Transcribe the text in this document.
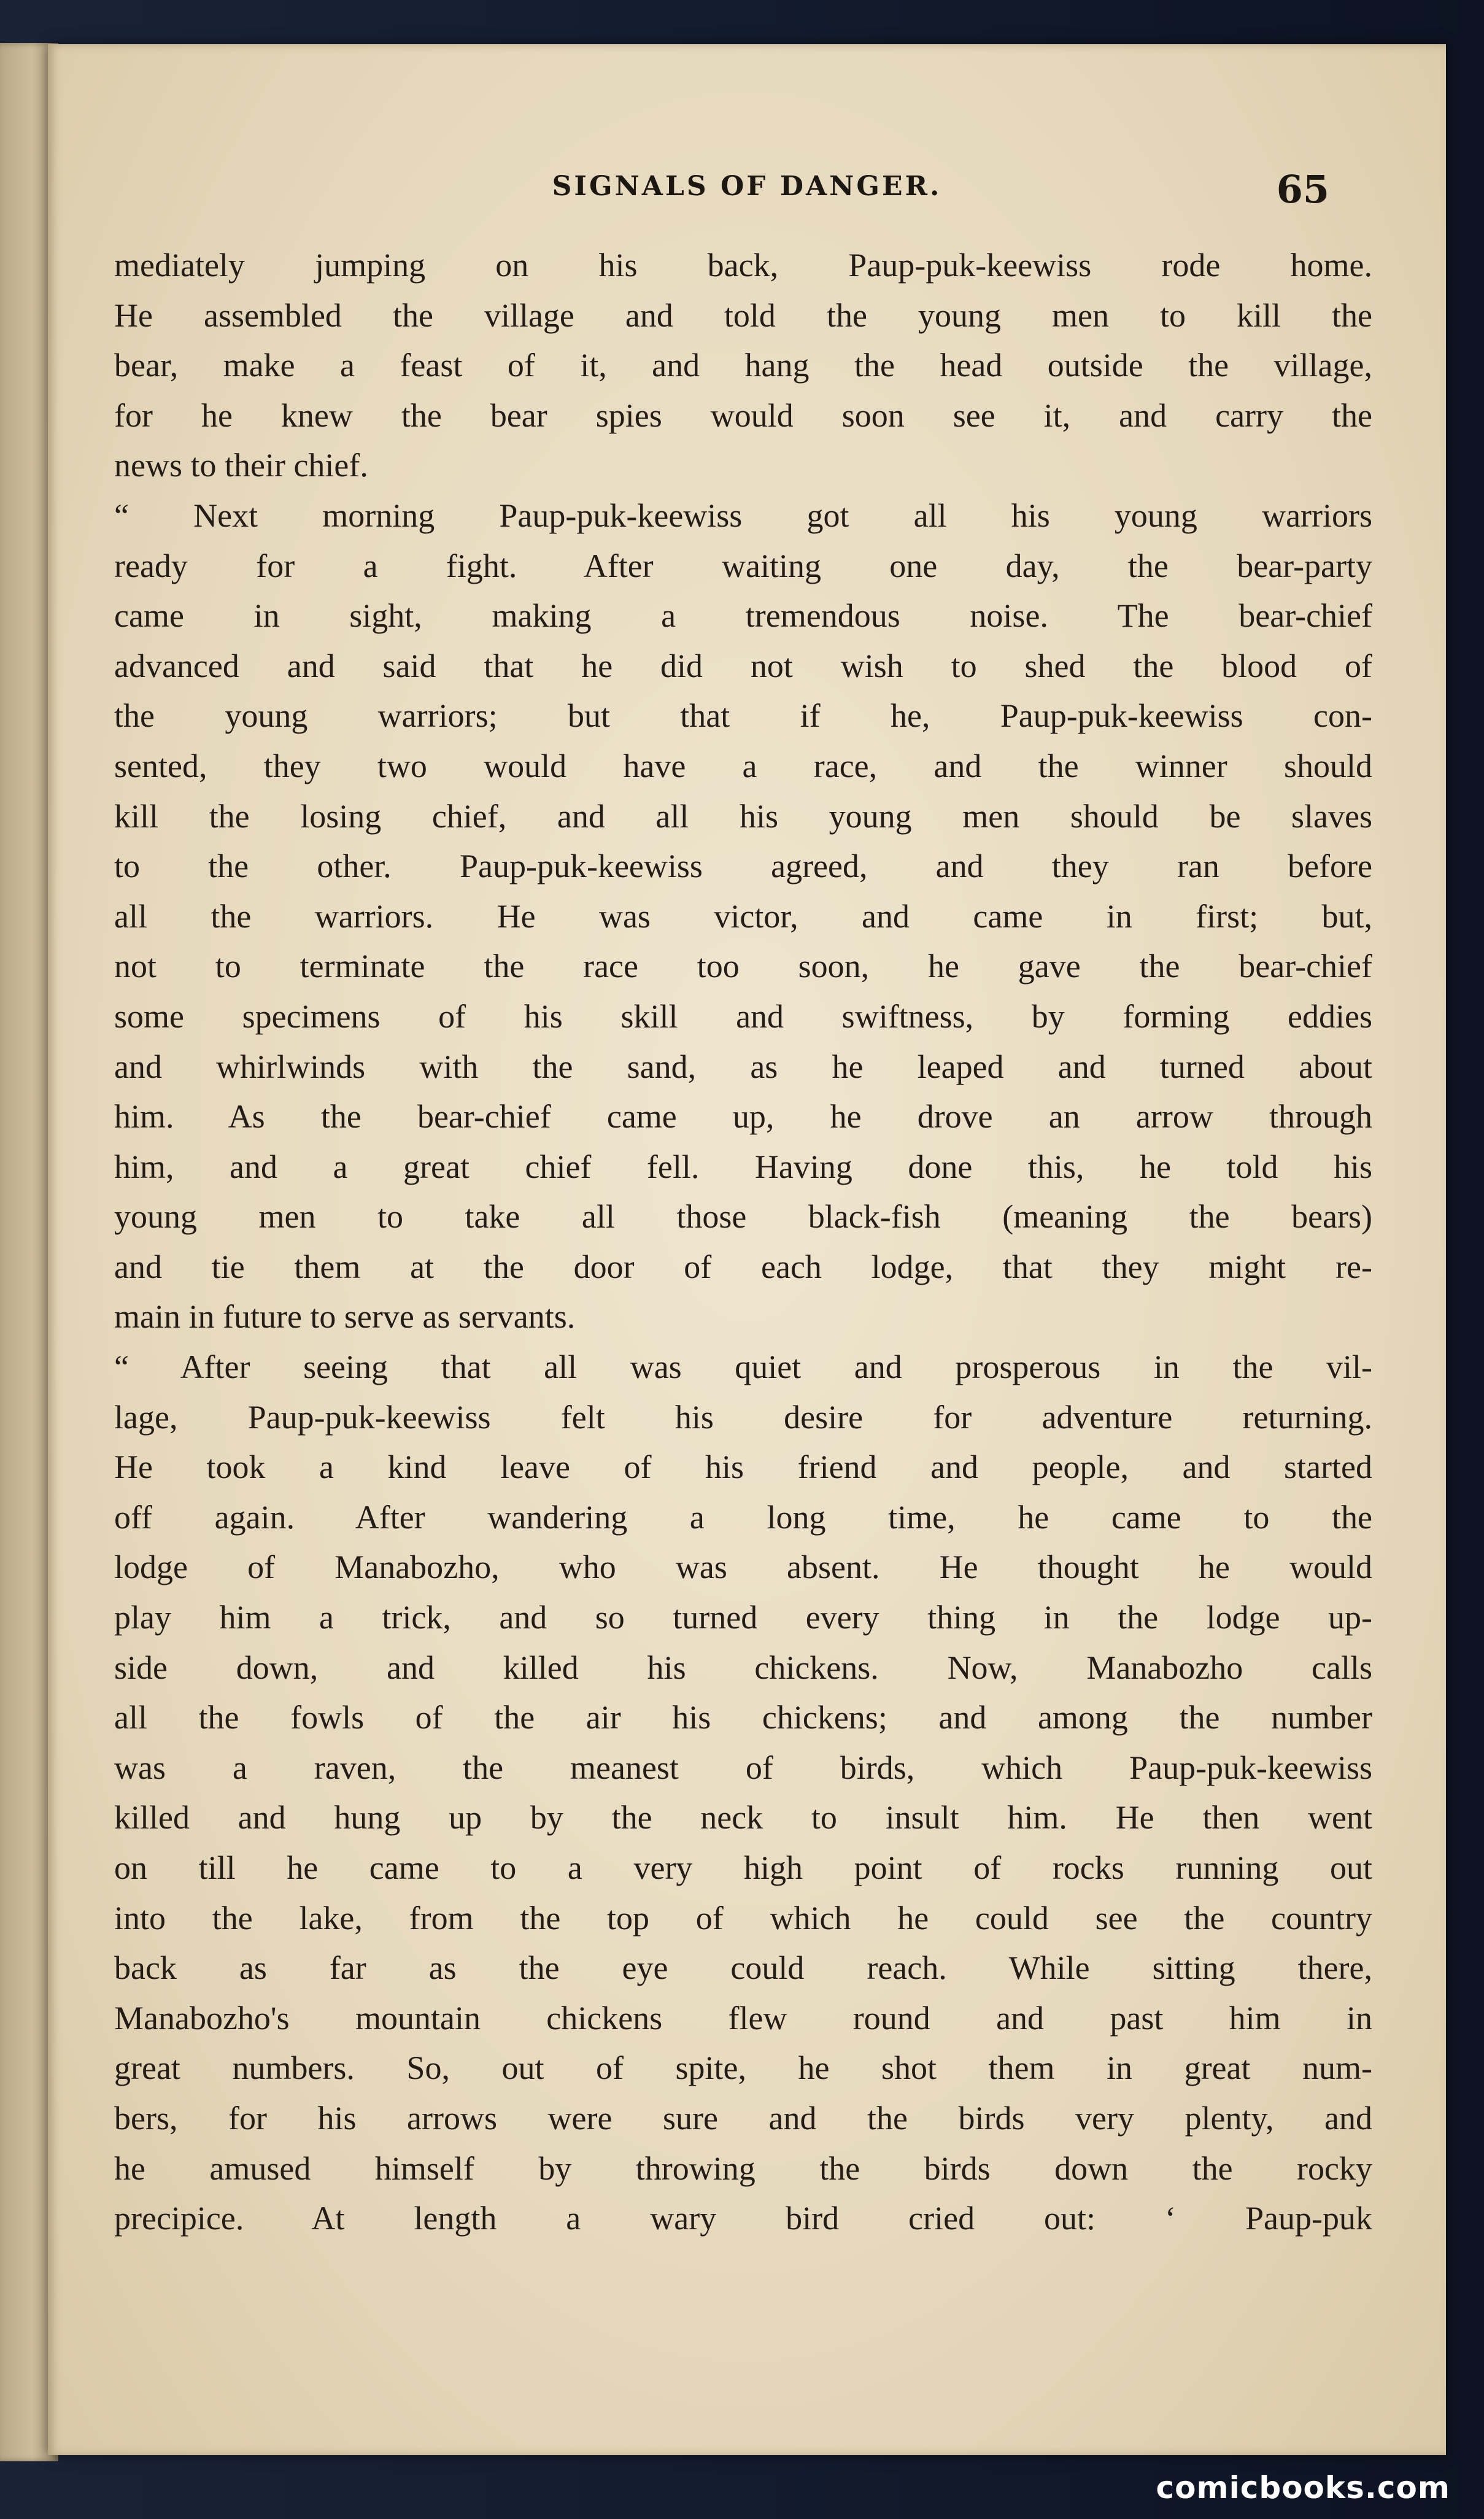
SIGNALS OF DANGER.	65
mediately jumping on his back, Paup-puk-keewiss rode home.
He assembled the village and told the young men to kill the
bear, make a feast of it, and hang the head outside the village,
for he knew the bear spies would soon see it, and carry the
news to their chief.
“ Next morning Paup-puk-keewiss got all his young warriors
ready for a fight. After waiting one day, the bear-party
came in sight, making a tremendous noise. The bear-chief
advanced and said that he did not wish to shed the blood of
the young warriors; but that if he, Paup-puk-keewiss con-
sented, they two would have a race, and the winner should
kill the losing chief, and all his young men should be slaves
to the other. Paup-puk-keewiss agreed, and they ran before
all the warriors. He was victor, and came in first; but,
not to terminate the race too soon, he gave the bear-chief
some specimens of his skill and swiftness, by forming eddies
and whirlwinds with the sand, as he leaped and turned about
him. As the bear-chief came up, he drove an arrow through
him, and a great chief fell. Having done this, he told his
young men to take all those black-fish (meaning the bears)
and tie them at the door of each lodge, that they might re-
main in future to serve as servants.
“ After seeing that all was quiet and prosperous in the vil-
lage, Paup-puk-keewiss felt his desire for adventure returning.
He took a kind leave of his friend and people, and started
off again. After wandering a long time, he came to the
lodge of Manabozho, who was absent. He thought he would
play him a trick, and so turned every thing in the lodge up-
side down, and killed his chickens. Now, Manabozho calls
all the fowls of the air his chickens; and among the number
was a raven, the meanest of birds, which Paup-puk-keewiss
killed and hung up by the neck to insult him. He then went
on till he came to a very high point of rocks running out
into the lake, from the top of which he could see the country
back as far as the eye could reach. While sitting there,
Manabozho's mountain chickens flew round and past him in
great numbers. So, out of spite, he shot them in great num-
bers, for his arrows were sure and the birds very plenty, and
he amused himself by throwing the birds down the rocky
precipice. At length a wary bird cried out: ‘ Paup-puk
comicbooks.com
